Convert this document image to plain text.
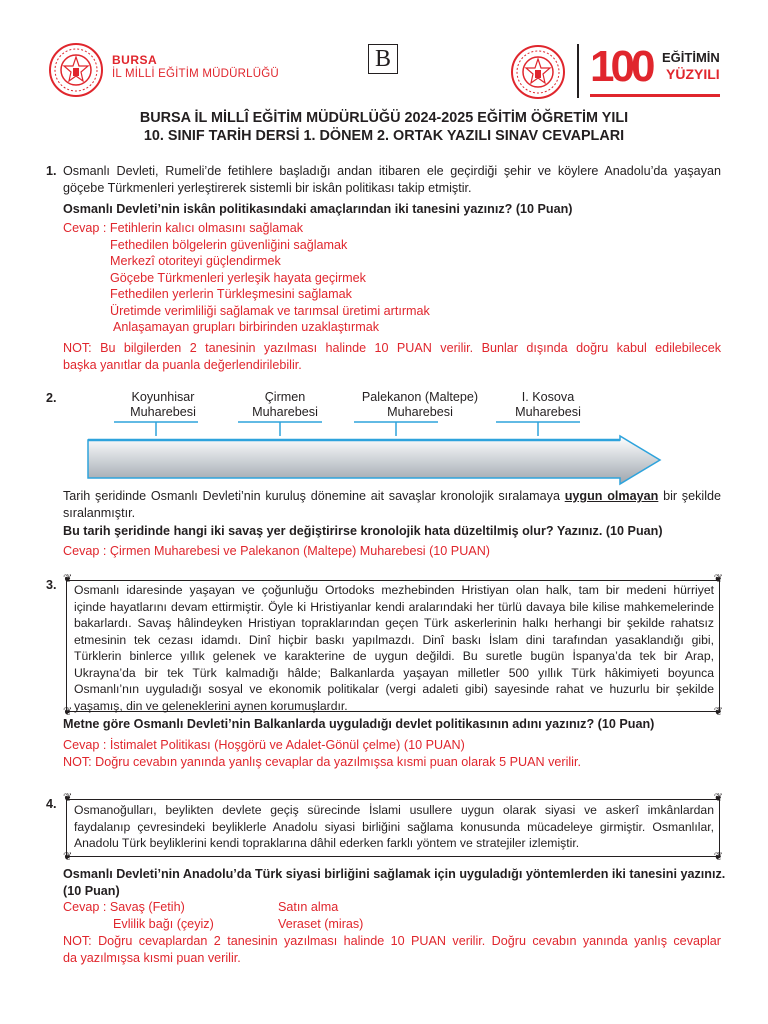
BURSA
İL MİLLİ EĞİTİM MÜDÜRLÜĞÜ
B	100 EĞİTİMİN
YÜZYILI
BURSA İL MİLLÎ EĞİTİM MÜDÜRLÜĞÜ 2024-2025 EĞİTİM ÖĞRETİM YILI
10. SINIF TARİH DERSİ 1. DÖNEM 2. ORTAK YAZILI SINAV CEVAPLARI
1. Osmanlı Devleti, Rumeli’de fetihlere başladığı andan itibaren ele geçirdiği şehir ve köylere Anadolu’da yaşayan
göçebe Türkmenleri yerleştirerek sistemli bir iskân politikası takip etmiştir.
Osmanlı Devleti’nin iskân politikasındaki amaçlarından iki tanesini yazınız? (10 Puan)
Cevap : Fetihlerin kalıcı olmasını sağlamak
Fethedilen bölgelerin güvenliğini sağlamak
Merkezî otoriteyi güçlendirmek
Göçebe Türkmenleri yerleşik hayata geçirmek
Fethedilen yerlerin Türkleşmesini sağlamak
Üretimde verimliliği sağlamak ve tarımsal üretimi artırmak
Anlaşamayan grupları birbirinden uzaklaştırmak
NOT: Bu bilgilerden 2 tanesinin yazılması halinde 10 PUAN verilir. Bunlar dışında doğru kabul edilebilecek
başka yanıtlar da puanla değerlendirilebilir.
2.	Koyunhisar
Muharebesi
Çirmen
Muharebesi
Palekanon (Maltepe)
Muharebesi
I. Kosova
Muharebesi
Tarih şeridinde Osmanlı Devleti’nin kuruluş dönemine ait savaşlar kronolojik sıralamaya uygun olmayan bir şekilde
sıralanmıştır.
Bu tarih şeridinde hangi iki savaş yer değiştirirse kronolojik hata düzeltilmiş olur? Yazınız. (10 Puan)
Cevap : Çirmen Muharebesi ve Palekanon (Maltepe) Muharebesi (10 PUAN)
3. ❦	❦
❦	❦
Osmanlı idaresinde yaşayan ve çoğunluğu Ortodoks mezhebinden Hristiyan olan halk, tam bir medeni hürriyet
içinde hayatlarını devam ettirmiştir. Öyle ki Hristiyanlar kendi aralarındaki her türlü davaya bile kilise mahkemelerinde
bakarlardı. Savaş hâlindeyken Hristiyan topraklarından geçen Türk askerlerinin halkı herhangi bir şekilde rahatsız
etmesinin tek cezası idamdı. Dinî hiçbir baskı yapılmazdı. Dinî baskı İslam dini tarafından yasaklandığı gibi,
Türklerin binlerce yıllık gelenek ve karakterine de uygun değildi. Bu suretle bugün İspanya’da tek bir Arap,
Ukrayna’da bir tek Türk kalmadığı hâlde; Balkanlarda yaşayan milletler 500 yıllık Türk hâkimiyeti boyunca
Osmanlı’nın uyguladığı sosyal ve ekonomik politikalar (vergi adaleti gibi) sayesinde rahat ve huzurlu bir şekilde
yaşamış, din ve geleneklerini aynen korumuşlardır.
Metne göre Osmanlı Devleti’nin Balkanlarda uyguladığı devlet politikasının adını yazınız? (10 Puan)
Cevap : İstimalet Politikası (Hoşgörü ve Adalet-Gönül çelme) (10 PUAN)
NOT: Doğru cevabın yanında yanlış cevaplar da yazılmışsa kısmi puan olarak 5 PUAN verilir.
4. ❦	❦
❦	❦
Osmanoğulları, beylikten devlete geçiş sürecinde İslami usullere uygun olarak siyasi ve askerî imkânlardan
faydalanıp çevresindeki beyliklerle Anadolu siyasi birliğini sağlama konusunda mücadeleye girmiştir. Osmanlılar,
Anadolu Türk beyliklerini kendi topraklarına dâhil ederken farklı yöntem ve stratejiler izlemiştir.
Osmanlı Devleti’nin Anadolu’da Türk siyasi birliğini sağlamak için uyguladığı yöntemlerden iki tanesini yazınız.
(10 Puan)
Cevap : Savaş (Fetih)
Evlilik bağı (çeyiz)
Satın alma
Veraset (miras)
NOT: Doğru cevaplardan 2 tanesinin yazılması halinde 10 PUAN verilir. Doğru cevabın yanında yanlış cevaplar
da yazılmışsa kısmi puan verilir.
